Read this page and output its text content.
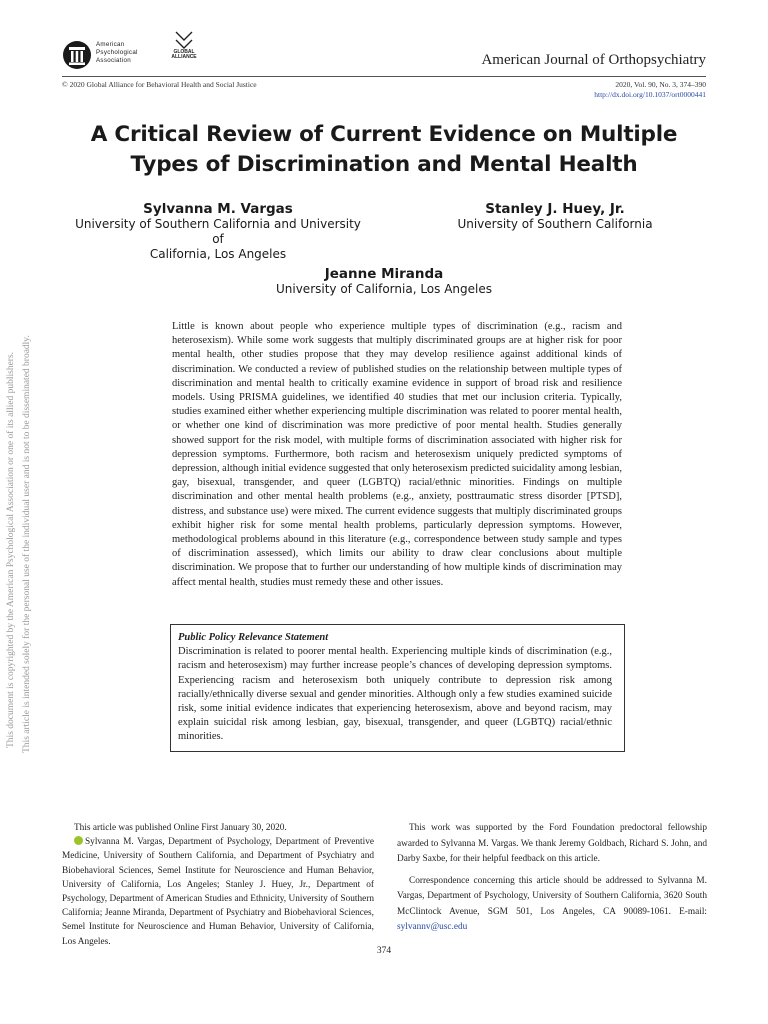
American
Psychological
Association
GLOBAL
ALLIANCE	American Journal of Orthopsychiatry
© 2020 Global Alliance for Behavioral Health and Social Justice	2020, Vol. 90, No. 3, 374–390
http://dx.doi.org/10.1037/ort0000441
A Critical Review of Current Evidence on Multiple
Types of Discrimination and Mental Health
Sylvanna M. Vargas
University of Southern California and University of
California, Los Angeles
Stanley J. Huey, Jr.
University of Southern California
Jeanne Miranda
University of California, Los Angeles
Little is known about people who experience multiple types of discrimination (e.g., racism and heterosexism). While some work suggests that multiply discriminated groups are at higher risk for poor mental health, other studies propose that they may develop resilience against additional kinds of discrimination. We conducted a review of published studies on the relationship between multiple types of discrimination and mental health to critically examine evidence in support of broad risk and resilience models. Using PRISMA guidelines, we identified 40 studies that met our inclusion criteria. Typically, studies examined either whether experiencing multiple discrimination was related to poorer mental health, or whether one kind of discrimination was more predictive of poor mental health. Studies generally showed support for the risk model, with multiple forms of discrimination associated with higher risk for depression symptoms. Furthermore, both racism and heterosexism uniquely predicted symptoms of depression, although initial evidence suggested that only heterosexism predicted suicidality among lesbian, gay, bisexual, transgender, and queer (LGBTQ) racial/ethnic minorities. Findings on multiple discrimination and other mental health problems (e.g., anxiety, posttraumatic stress disorder [PTSD], distress, and substance use) were mixed. The current evidence suggests that multiply discriminated groups exhibit higher risk for some mental health problems, particularly depression symptoms. However, methodological problems abound in this literature (e.g., correspondence between study sample and types of discrimination assessed), which limits our ability to draw clear conclusions about multiple discrimination. We propose that to further our understanding of how multiple kinds of discrimination may affect mental health, studies must remedy these and other issues.
Public Policy Relevance Statement
Discrimination is related to poorer mental health. Experiencing multiple kinds of discrimination (e.g., racism and heterosexism) may further increase people’s chances of developing depression symptoms. Experiencing racism and heterosexism both uniquely contribute to depression risk among racially/ethnically diverse sexual and gender minorities. Although only a few studies examined suicide risk, some initial evidence indicates that experiencing heterosexism, above and beyond racism, may explain suicidal risk among lesbian, gay, bisexual, transgender, and queer (LGBTQ) racial/ethnic minorities.
This document is copyrighted by the American Psychological Association or one of its allied publishers. This article is intended solely for the personal use of the individual user and is not to be disseminated broadly.
This article was published Online First January 30, 2020.
Sylvanna M. Vargas, Department of Psychology, Department of Preventive Medicine, University of Southern California, and Department of Psychiatry and Biobehavioral Sciences, Semel Institute for Neuroscience and Human Behavior, University of California, Los Angeles; Stanley J. Huey, Jr., Department of Psychology, Department of American Studies and Ethnicity, University of Southern California; Jeanne Miranda, Department of Psychiatry and Biobehavioral Sciences, Semel Institute for Neuroscience and Human Behavior, University of California, Los Angeles.
This work was supported by the Ford Foundation predoctoral fellowship awarded to Sylvanna M. Vargas. We thank Jeremy Goldbach, Richard S. John, and Darby Saxbe, for their helpful feedback on this article.
Correspondence concerning this article should be addressed to Sylvanna M. Vargas, Department of Psychology, University of Southern California, 3620 South McClintock Avenue, SGM 501, Los Angeles, CA 90089-1061. E-mail: sylvannv@usc.edu
374
